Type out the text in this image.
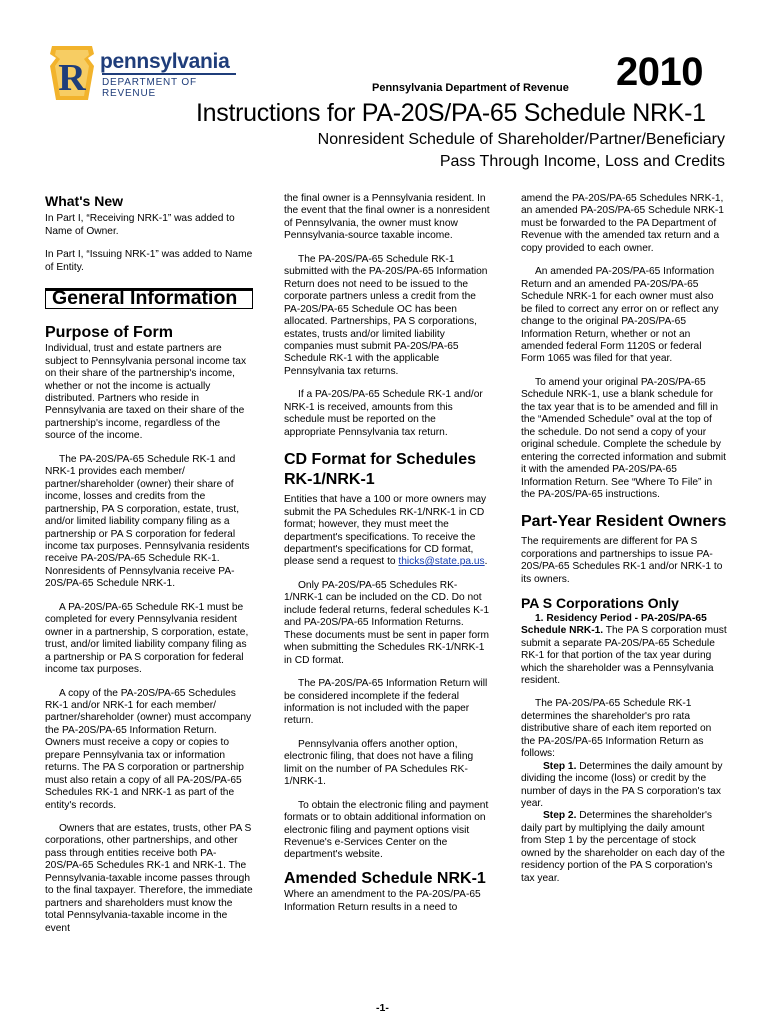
R pennsylvania
DEPARTMENT OF REVENUE	Pennsylvania Department of Revenue 2010
Instructions for PA-20S/PA-65 Schedule NRK-1
Nonresident Schedule of Shareholder/Partner/Beneficiary
Pass Through Income, Loss and Credits
What's New

In Part I, “Receiving NRK-1” was added to Name of Owner.

In Part I, “Issuing NRK-1” was added to Name of Entity.

General Information
Purpose of Form

Individual, trust and estate partners are subject to Pennsylvania personal income tax on their share of the partnership's income, whether or not the income is actually distributed. Partners who reside in Pennsylvania are taxed on their share of the partnership's income, regardless of the source of the income.

The PA-20S/PA-65 Schedule RK-1 and NRK-1 provides each member/ partner/shareholder (owner) their share of income, losses and credits from the partnership, PA S corporation, estate, trust, and/or limited liability company filing as a partnership or PA S corporation for federal income tax purposes. Pennsylvania residents receive PA-20S/PA-65 Schedule RK-1. Nonresidents of Pennsylvania receive PA-20S/PA-65 Schedule NRK-1.

A PA-20S/PA-65 Schedule RK-1 must be completed for every Pennsylvania resident owner in a partnership, S corporation, estate, trust, and/or limited liability company filing as a partnership or PA S corporation for federal income tax purposes.

A copy of the PA-20S/PA-65 Schedules RK-1 and/or NRK-1 for each member/ partner/shareholder (owner) must accompany the PA-20S/PA-65 Information Return. Owners must receive a copy or copies to prepare Pennsylvania tax or information returns. The PA S corporation or partnership must also retain a copy of all PA-20S/PA-65 Schedules RK-1 and NRK-1 as part of the entity's records.

Owners that are estates, trusts, other PA S corporations, other partnerships, and other pass through entities receive both PA-20S/PA-65 Schedules RK-1 and NRK-1. The Pennsylvania-taxable income passes through to the final taxpayer. Therefore, the immediate partners and shareholders must know the total Pennsylvania-taxable income in the event

the final owner is a Pennsylvania resident. In the event that the final owner is a nonresident of Pennsylvania, the owner must know Pennsylvania-source taxable income.

The PA-20S/PA-65 Schedule RK-1 submitted with the PA-20S/PA-65 Information Return does not need to be issued to the corporate partners unless a credit from the PA-20S/PA-65 Schedule OC has been allocated. Partnerships, PA S corporations, estates, trusts and/or limited liability companies must submit PA-20S/PA-65 Schedule RK-1 with the applicable Pennsylvania tax returns.

If a PA-20S/PA-65 Schedule RK-1 and/or NRK-1 is received, amounts from this schedule must be reported on the appropriate Pennsylvania tax return.

CD Format for Schedules RK-1/NRK-1

Entities that have a 100 or more owners may submit the PA Schedules RK-1/NRK-1 in CD format; however, they must meet the department's specifications. To receive the department's specifications for CD format, please send a request to thicks@state.pa.us.

Only PA-20S/PA-65 Schedules RK-1/NRK-1 can be included on the CD. Do not include federal returns, federal schedules K-1 and PA-20S/PA-65 Information Returns. These documents must be sent in paper form when submitting the Schedules RK-1/NRK-1 in CD format.

The PA-20S/PA-65 Information Return will be considered incomplete if the federal information is not included with the paper return.

Pennsylvania offers another option, electronic filing, that does not have a filing limit on the number of PA Schedules RK-1/NRK-1.

To obtain the electronic filing and payment formats or to obtain additional information on electronic filing and payment options visit Revenue's e-Services Center on the department's website.

Amended Schedule NRK-1

Where an amendment to the PA-20S/PA-65 Information Return results in a need to

amend the PA-20S/PA-65 Schedules NRK-1, an amended PA-20S/PA-65 Schedule NRK-1 must be forwarded to the PA Department of Revenue with the amended tax return and a copy provided to each owner.

An amended PA-20S/PA-65 Information Return and an amended PA-20S/PA-65 Schedule NRK-1 for each owner must also be filed to correct any error on or reflect any change to the original PA-20S/PA-65 Information Return, whether or not an amended federal Form 1120S or federal Form 1065 was filed for that year.

To amend your original PA-20S/PA-65 Schedule NRK-1, use a blank schedule for the tax year that is to be amended and fill in the “Amended Schedule” oval at the top of the schedule. Do not send a copy of your original schedule. Complete the schedule by entering the corrected information and submit it with the amended PA-20S/PA-65 Information Return. See “Where To File” in the PA-20S/PA-65 instructions.

Part-Year Resident Owners

The requirements are different for PA S corporations and partnerships to issue PA-20S/PA-65 Schedules RK-1 and/or NRK-1 to its owners.

PA S Corporations Only

1. Residency Period - PA-20S/PA-65 Schedule NRK-1. The PA S corporation must submit a separate PA-20S/PA-65 Schedule RK-1 for that portion of the tax year during which the shareholder was a Pennsylvania resident.

The PA-20S/PA-65 Schedule RK-1 determines the shareholder's pro rata distributive share of each item reported on the PA-20S/PA-65 Information Return as follows:

Step 1. Determines the daily amount by dividing the income (loss) or credit by the number of days in the PA S corporation's tax year.

Step 2. Determines the shareholder's daily part by multiplying the daily amount from Step 1 by the percentage of stock owned by the shareholder on each day of the residency portion of the PA S corporation's tax year.

-1-
